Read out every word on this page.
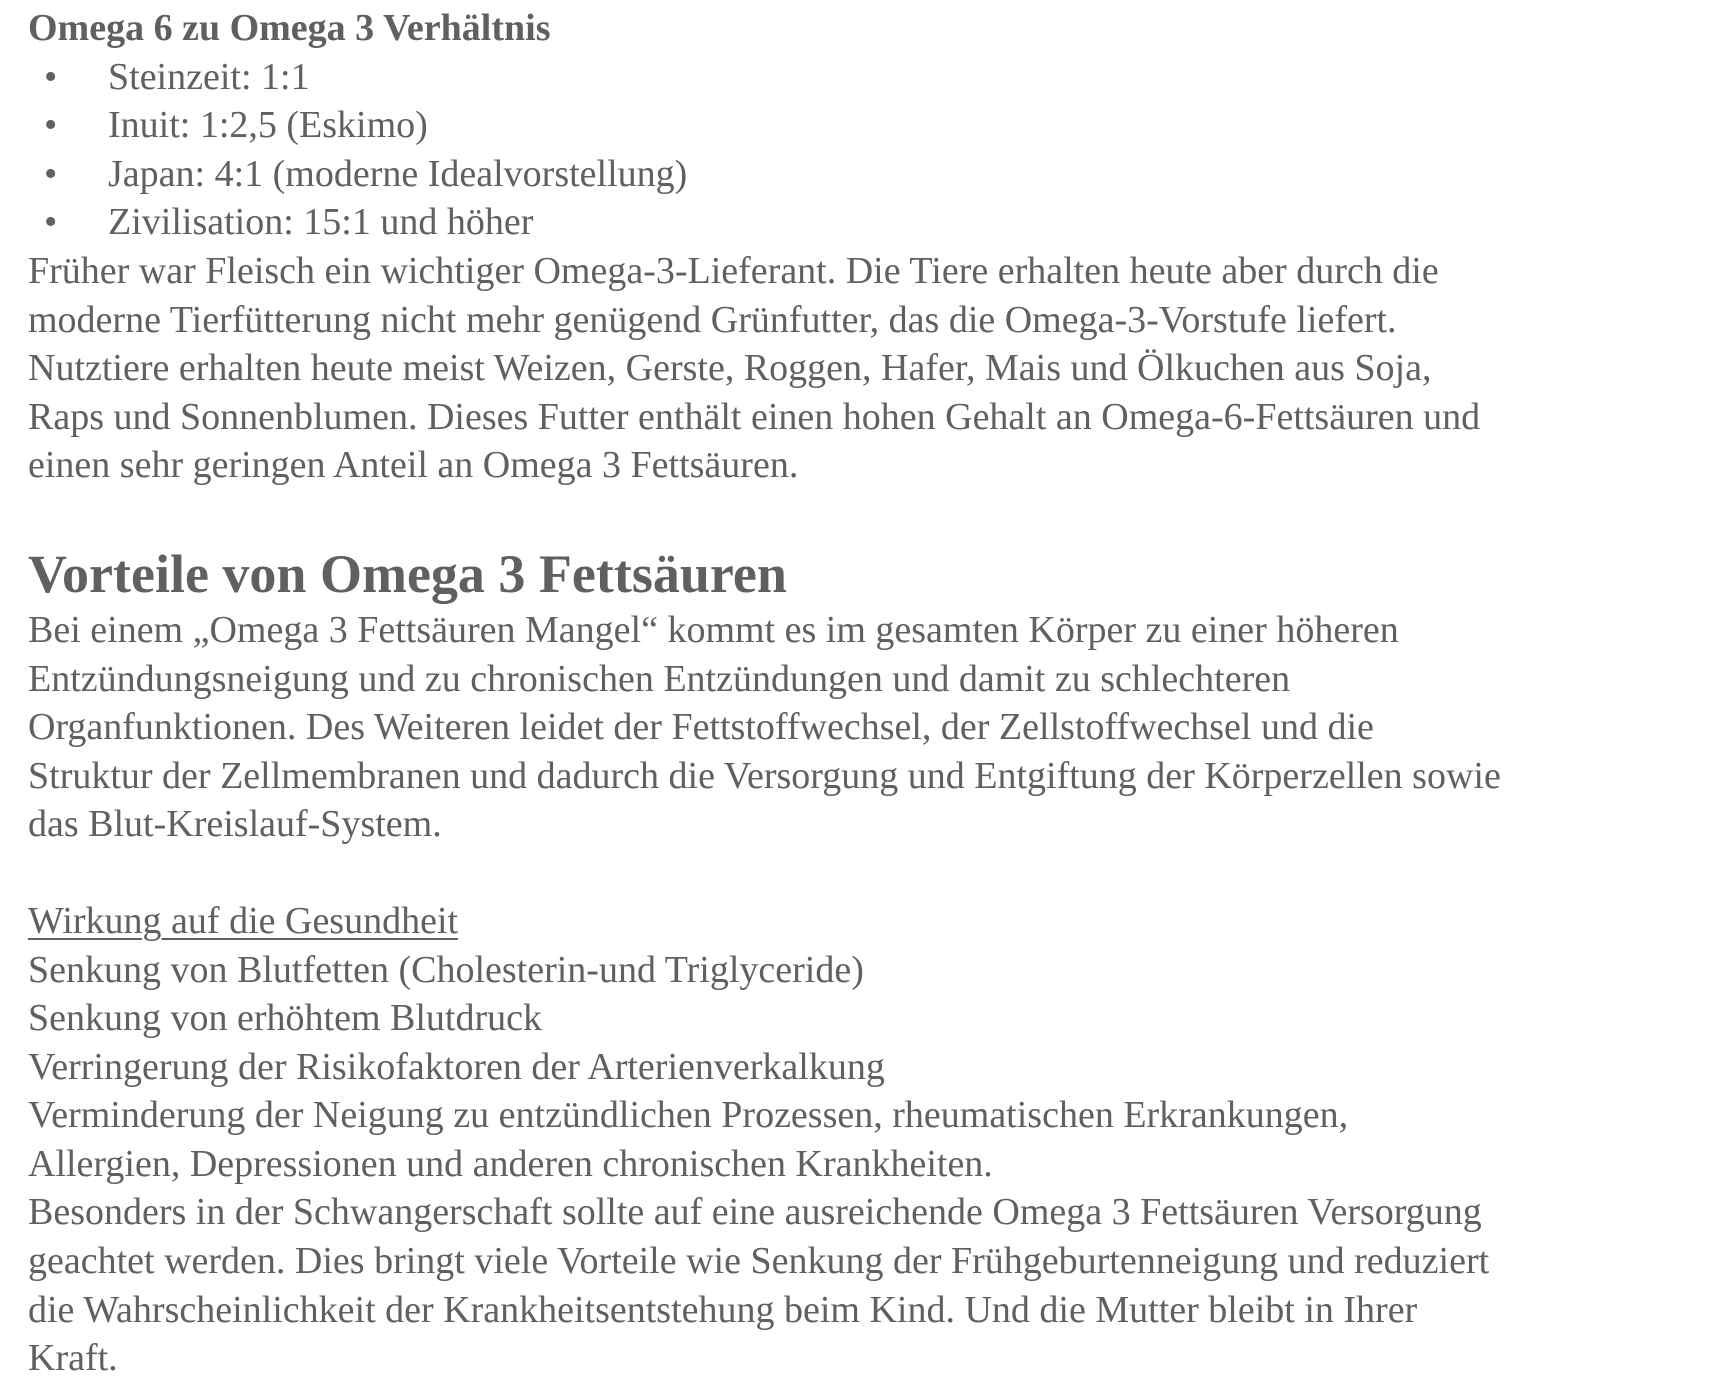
Omega 6 zu Omega 3 Verhältnis

• Steinzeit: 1:1
• Inuit: 1:2,5 (Eskimo)
• Japan: 4:1 (moderne Idealvorstellung)
• Zivilisation: 15:1 und höher

Früher war Fleisch ein wichtiger Omega-3-Lieferant. Die Tiere erhalten heute aber durch die

moderne Tierfütterung nicht mehr genügend Grünfutter, das die Omega-3-Vorstufe liefert.

Nutztiere erhalten heute meist Weizen, Gerste, Roggen, Hafer, Mais und Ölkuchen aus Soja,

Raps und Sonnenblumen. Dieses Futter enthält einen hohen Gehalt an Omega-6-Fettsäuren und

einen sehr geringen Anteil an Omega 3 Fettsäuren.

Vorteile von Omega 3 Fettsäuren

Bei einem „Omega 3 Fettsäuren Mangel“ kommt es im gesamten Körper zu einer höheren

Entzündungsneigung und zu chronischen Entzündungen und damit zu schlechteren

Organfunktionen. Des Weiteren leidet der Fettstoffwechsel, der Zellstoffwechsel und die

Struktur der Zellmembranen und dadurch die Versorgung und Entgiftung der Körperzellen sowie

das Blut-Kreislauf-System.

Wirkung auf die Gesundheit

Senkung von Blutfetten (Cholesterin-und Triglyceride)

Senkung von erhöhtem Blutdruck

Verringerung der Risikofaktoren der Arterienverkalkung

Verminderung der Neigung zu entzündlichen Prozessen, rheumatischen Erkrankungen,

Allergien, Depressionen und anderen chronischen Krankheiten.

Besonders in der Schwangerschaft sollte auf eine ausreichende Omega 3 Fettsäuren Versorgung

geachtet werden. Dies bringt viele Vorteile wie Senkung der Frühgeburtenneigung und reduziert

die Wahrscheinlichkeit der Krankheitsentstehung beim Kind. Und die Mutter bleibt in Ihrer

Kraft.
